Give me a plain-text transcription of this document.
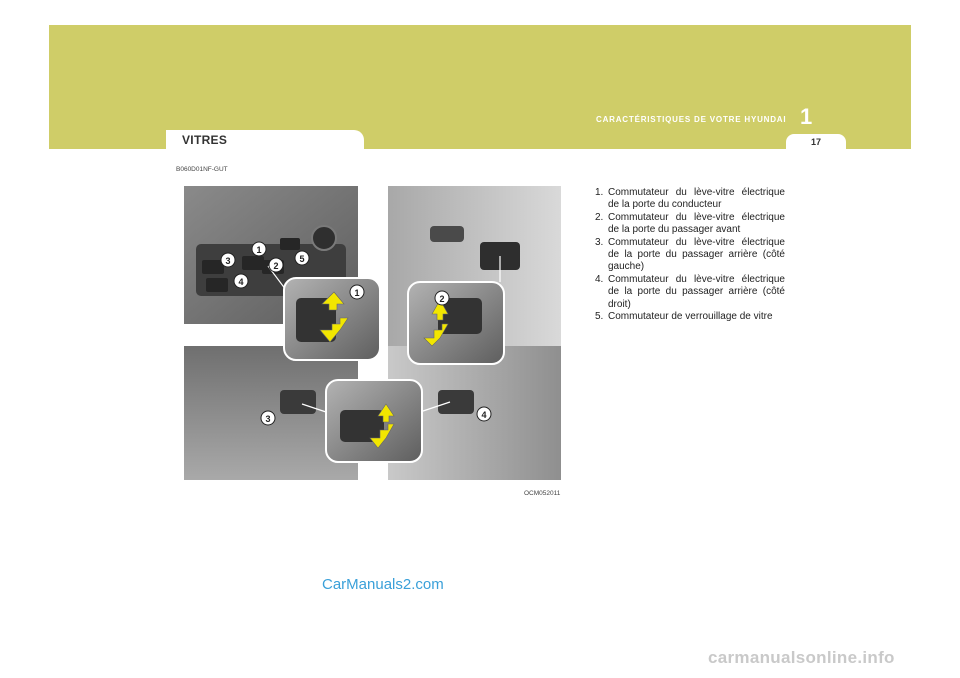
CARACTÉRISTIQUES DE VOTRE HYUNDAI 1
17
VITRES
B060D01NF-GUT
1
2
3
4
5
1
2
3	4
OCM052011
1. Commutateur du lève-vitre électrique de la porte du conducteur
2. Commutateur du lève-vitre électrique de la porte du passager avant
3. Commutateur du lève-vitre électrique de la porte du passager arrière (côté gauche)
4. Commutateur du lève-vitre électrique de la porte du passager arrière (côté droit)
5. Commutateur de verrouillage de vitre
CarManuals2.com
carmanualsonline.info
